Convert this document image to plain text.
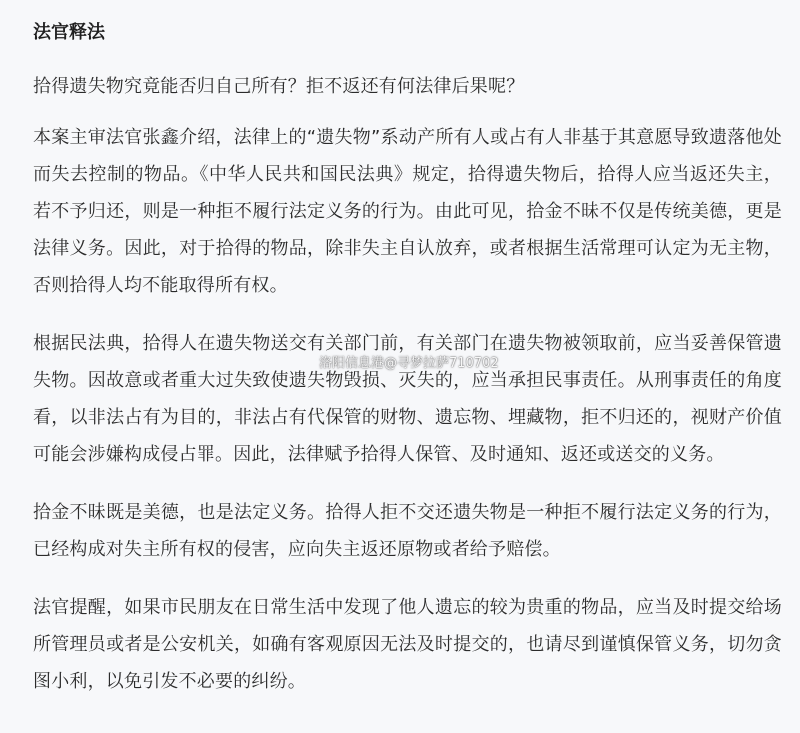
法官释法

拾得遗失物究竟能否归自己所有？拒不返还有何法律后果呢？

本案主审法官张鑫介绍，法律上的“遗失物”系动产所有人或占有人非基于其意愿导致遗落他处而失去控制的物品。《中华人民共和国民法典》规定，拾得遗失物后，拾得人应当返还失主，若不予归还，则是一种拒不履行法定义务的行为。由此可见，拾金不昧不仅是传统美德，更是法律义务。因此，对于拾得的物品，除非失主自认放弃，或者根据生活常理可认定为无主物，否则拾得人均不能取得所有权。

根据民法典，拾得人在遗失物送交有关部门前，有关部门在遗失物被领取前，应当妥善保管遗失物。因故意或者重大过失致使遗失物毁损、灭失的，应当承担民事责任。从刑事责任的角度看，以非法占有为目的，非法占有代保管的财物、遗忘物、埋藏物，拒不归还的，视财产价值可能会涉嫌构成侵占罪。因此，法律赋予拾得人保管、及时通知、返还或送交的义务。

拾金不昧既是美德，也是法定义务。拾得人拒不交还遗失物是一种拒不履行法定义务的行为，已经构成对失主所有权的侵害，应向失主返还原物或者给予赔偿。

法官提醒，如果市民朋友在日常生活中发现了他人遗忘的较为贵重的物品，应当及时提交给场所管理员或者是公安机关，如确有客观原因无法及时提交的，也请尽到谨慎保管义务，切勿贪图小利，以免引发不必要的纠纷。

洛阳信息港@寻梦拉萨710702
